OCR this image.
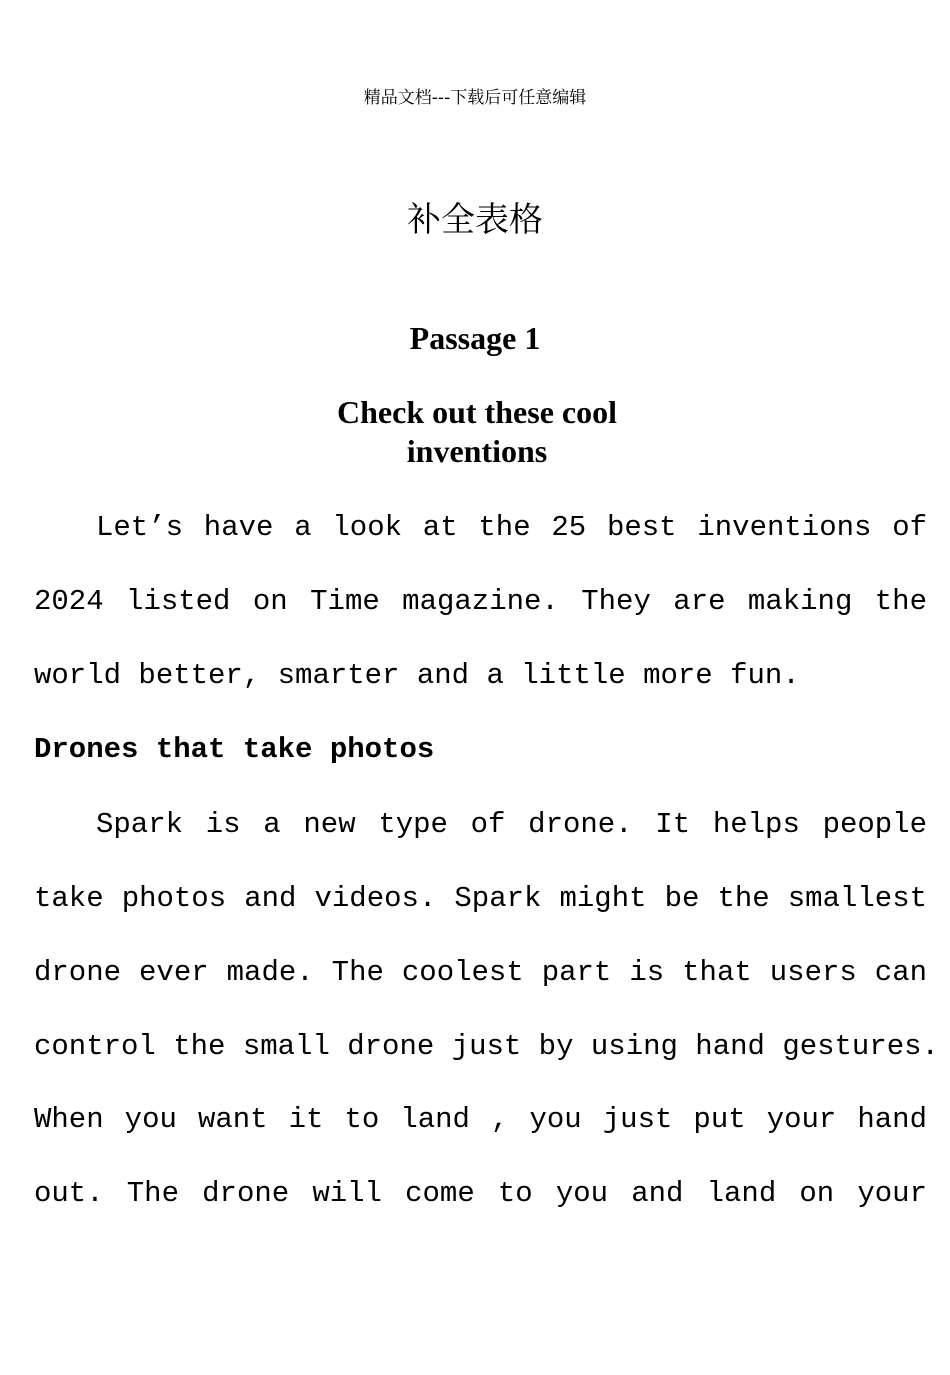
精品文档---下载后可任意编辑
补全表格
Passage 1
Check out these cool
inventions
Let’s have a look at the 25 best inventions of
2024 listed on Time magazine. They are making the
world better, smarter and a little more fun.
Drones that take photos
Spark is a new type of drone. It helps people
take photos and videos. Spark might be the smallest
drone ever made. The coolest part is that users can
control the small drone just by using hand gestures.
When you want it to land , you just put your hand
out. The drone will come to you and land on your
